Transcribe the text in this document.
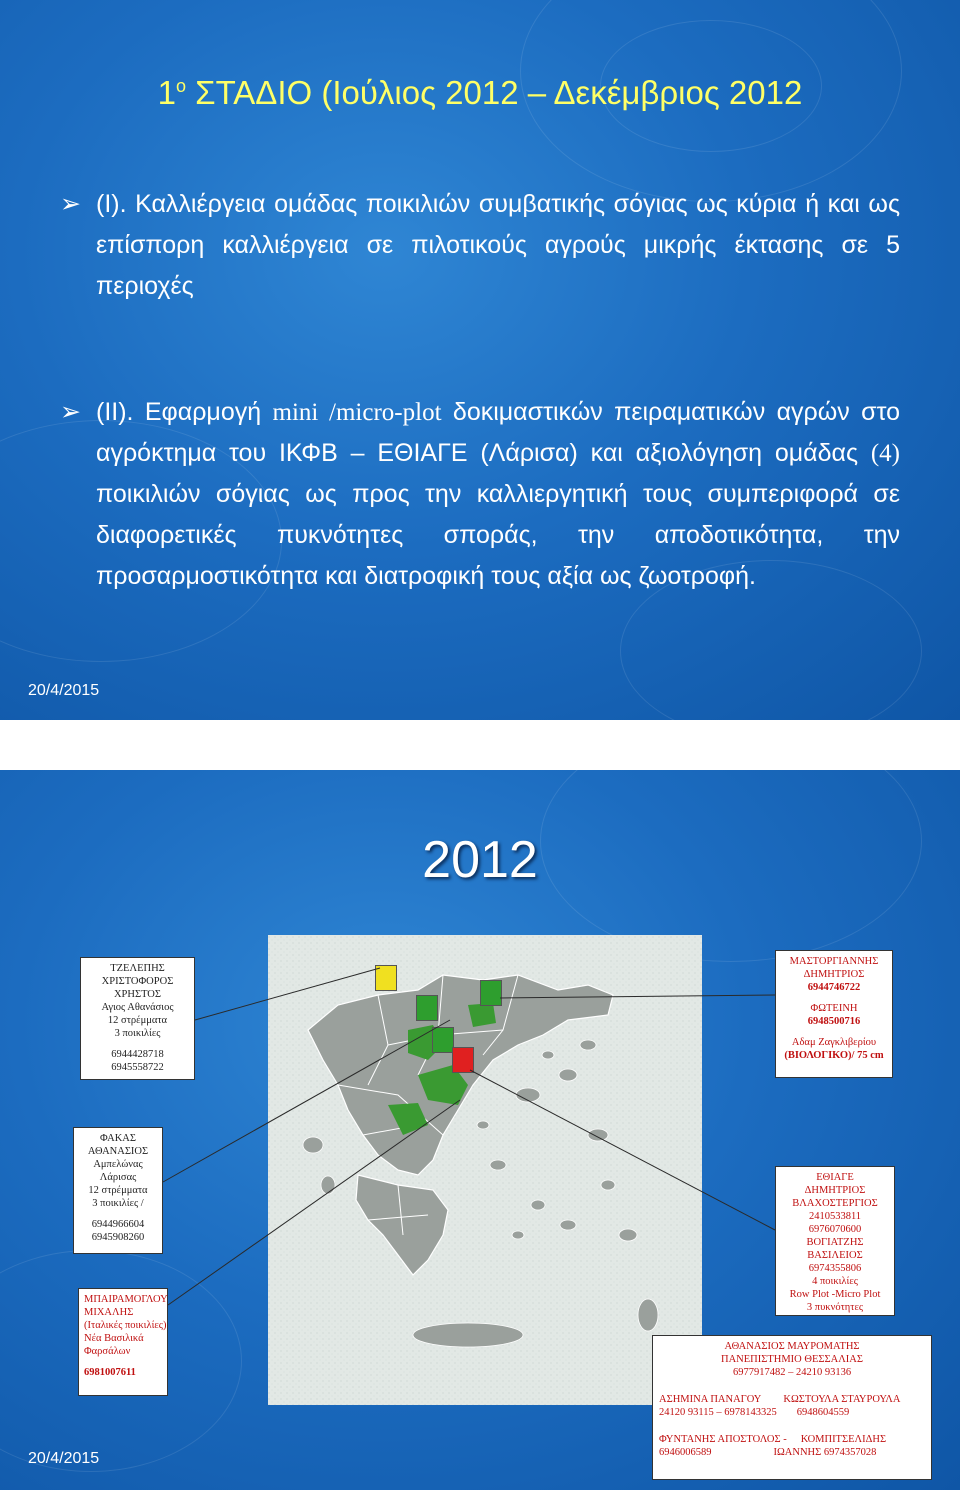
$1^o$ ΣΤΑΔΙΟ (Ιούλιος 2012 – Δεκέμβριος 2012
➢ (Ι). Καλλιέργεια ομάδας ποικιλιών συμβατικής σόγιας ως κύρια ή και ως επίσπορη καλλιέργεια σε πιλοτικούς αγρούς μικρής έκτασης σε 5 περιοχές
➢ (ΙΙ). Εφαρμογή mini /micro-plot δοκιμαστικών πειραματικών αγρών στο αγρόκτημα του ΙΚΦΒ – ΕΘΙΑΓΕ (Λάρισα) και αξιολόγηση ομάδας (4) ποικιλιών σόγιας ως προς την καλλιεργητική τους συμπεριφορά σε διαφορετικές πυκνότητες σποράς, την αποδοτικότητα, την προσαρμοστικότητα και διατροφική τους αξία ως ζωοτροφή.
20/4/2015
2012
ΤΖΕΛΕΠΗΣ
ΧΡΙΣΤΟΦΟΡΟΣ
ΧΡΗΣΤΟΣ
Αγιος Αθανάσιος
12 στρέμματα
3 ποικιλίες
6944428718
6945558722
ΦΑΚΑΣ
ΑΘΑΝΑΣΙΟΣ
Αμπελώνας
Λάρισας
12 στρέμματα
3 ποικιλίες /
6944966604
6945908260
ΜΠΑΙΡΑΜΟΓΛΟΥ
ΜΙΧΑΛΗΣ
(Ιταλικές ποικιλίες)
Νέα Βασιλικά
Φαρσάλων
6981007611
ΜΑΣΤΟΡΓΙΑΝΝΗΣ
ΔΗΜΗΤΡΙΟΣ
6944746722
ΦΩΤΕΙΝΗ
6948500716
Αδαμ Ζαγκλιβερίου
(ΒΙΟΛΟΓΙΚΟ)/ 75 cm
ΕΘΙΑΓΕ
ΔΗΜΗΤΡΙΟΣ
ΒΛΑΧΟΣΤΕΡΓΙΟΣ
2410533811
6976070600
ΒΟΓΙΑΤΖΗΣ
ΒΑΣΙΛΕΙΟΣ
6974355806
4 ποικιλίες
Row Plot -Micro Plot
3 πυκνότητες
ΑΘΑΝΑΣΙΟΣ ΜΑΥΡΟΜΑΤΗΣ
ΠΑΝΕΠΙΣΤΗΜΙΟ ΘΕΣΣΑΛΙΑΣ
6977917482 – 24210 93136
ΑΣΗΜΙΝΑ ΠΑΝΑΓΟΥ ΚΩΣΤΟΥΛΑ ΣΤΑΥΡΟΥΛΑ
24120 93115 – 6978143325 6948604559
ΦΥΝΤΑΝΗΣ ΑΠΟΣΤΟΛΟΣ - ΚΟΜΠΙΤΣΕΛΙΔΗΣ
6946006589	ΙΩΑΝΝΗΣ 6974357028
20/4/2015
